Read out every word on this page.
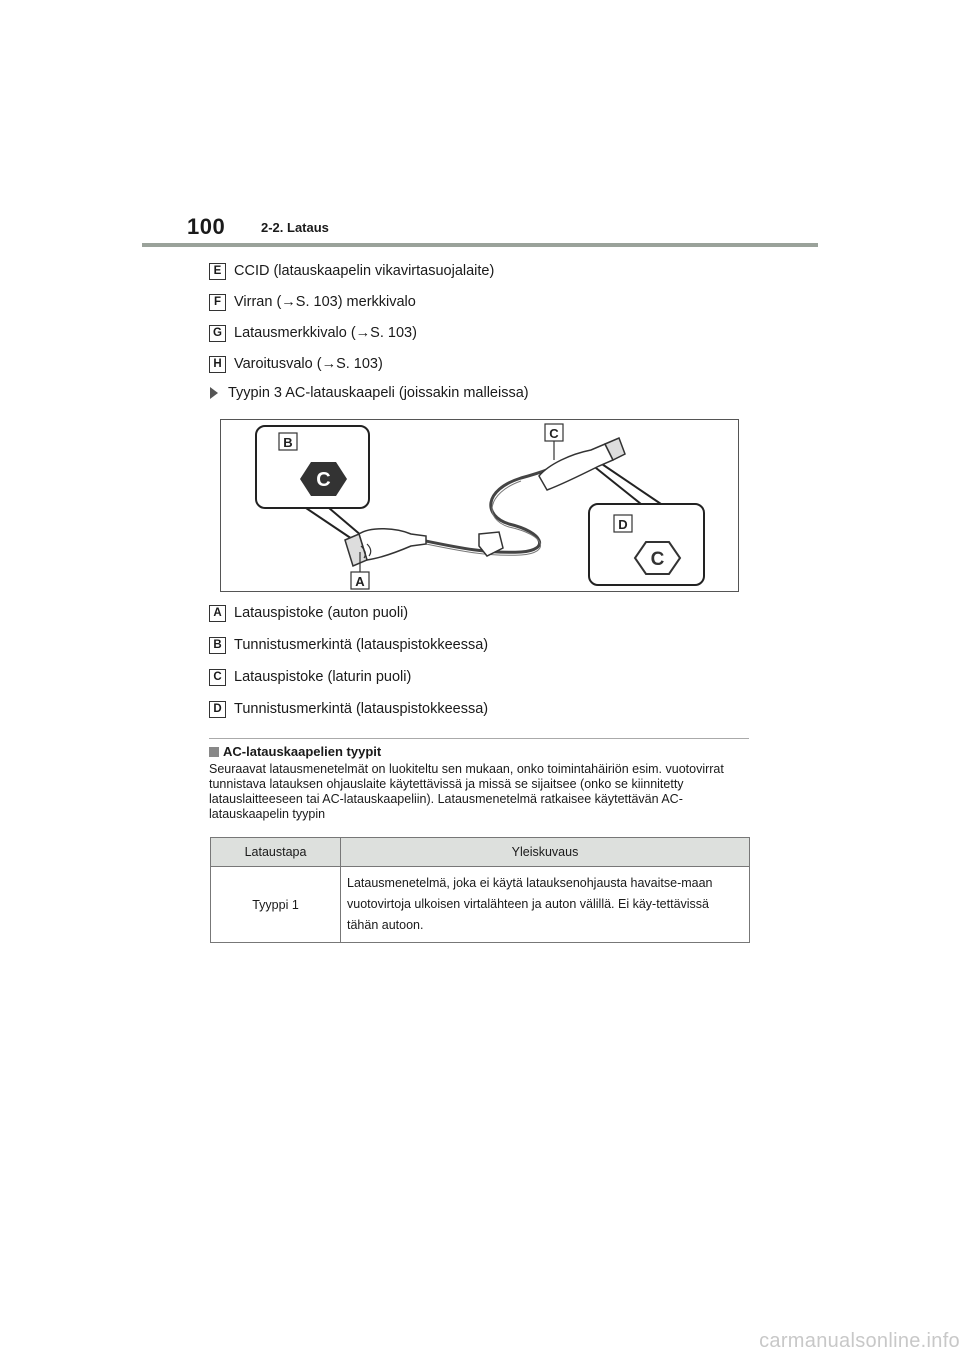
100	2-2. Lataus
E CCID (latauskaapelin vikavirtasuojalaite)
F Virran (→S. 103) merkkivalo
G Latausmerkkivalo (→S. 103)
H Varoitusvalo (→S. 103)
Tyypin 3 AC-latauskaapeli (joissakin malleissa)
C
C
B
C
D
A
A Latauspistoke (auton puoli)
B Tunnistusmerkintä (latauspistokkeessa)
C Latauspistoke (laturin puoli)
D Tunnistusmerkintä (latauspistokkeessa)
AC-latauskaapelien tyypit
Seuraavat latausmenetelmät on luokiteltu sen mukaan, onko toimintahäiriön esim. vuotovirrat tunnistava latauksen ohjauslaite käytettävissä ja missä se sijaitsee (onko se kiinnitetty latauslaitteeseen tai AC-latauskaapeliin). Latausmenetelmä ratkaisee käytettävän AC-latauskaapelin tyypin
Lataustapa	Yleiskuvaus
Tyyppi 1	Latausmenetelmä, joka ei käytä latauksenohjausta havaitse-maan vuotovirtoja ulkoisen virtalähteen ja auton välillä. Ei käy-tettävissä tähän autoon.
carmanualsonline.info
